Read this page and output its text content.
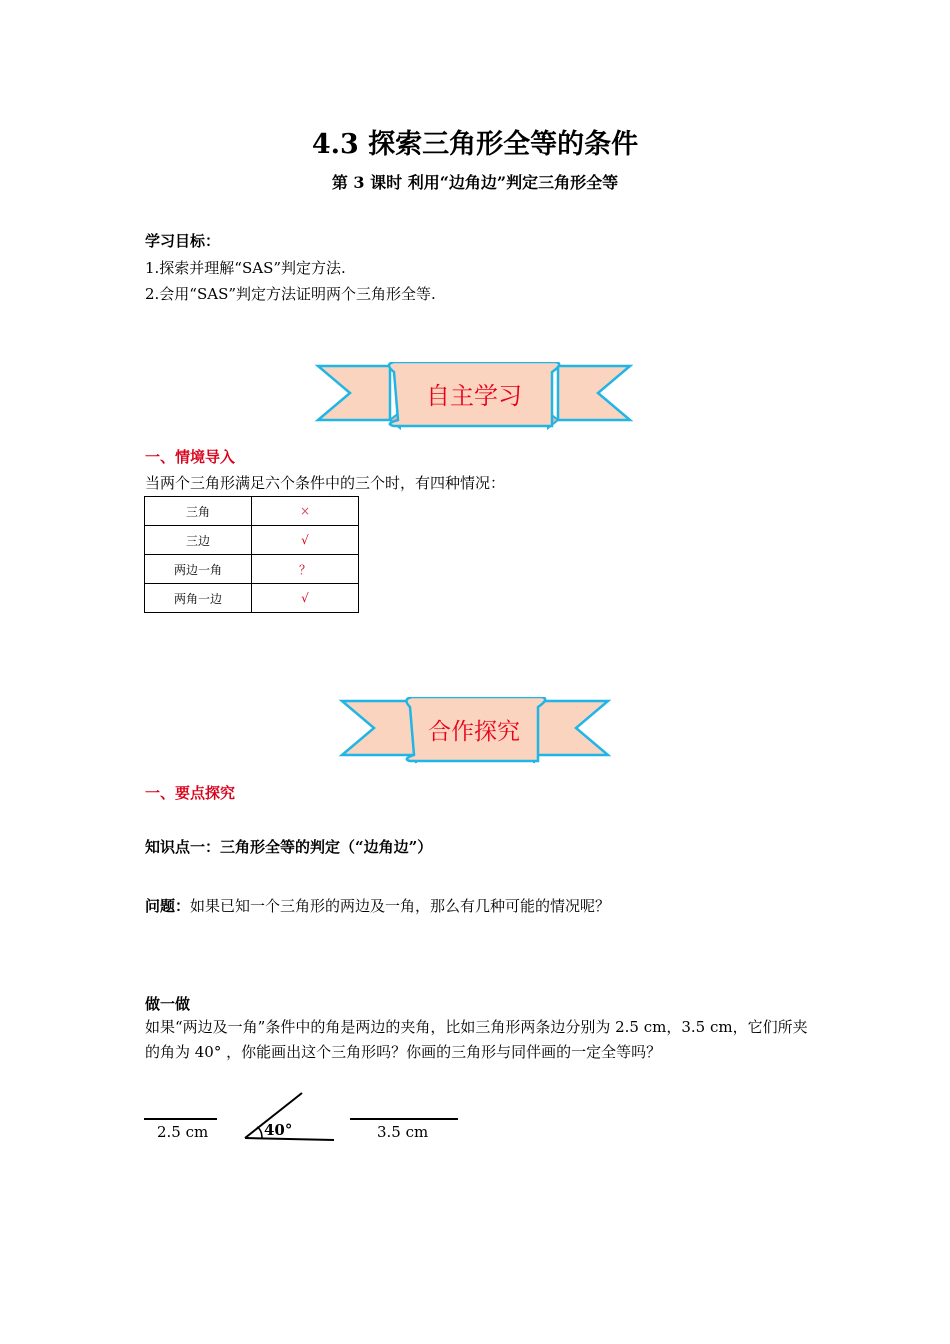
4.3 探索三角形全等的条件
第 3 课时 利用“边角边”判定三角形全等
学习目标：
1.探索并理解“SAS”判定方法.
2.会用“SAS”判定方法证明两个三角形全等.
自主学习
一、情境导入
当两个三角形满足六个条件中的三个时，有四种情况：
三角	×
三边	√
两边一角	？
两角一边	√
合作探究
一、要点探究
知识点一：三角形全等的判定（“边角边”）
问题：如果已知一个三角形的两边及一角，那么有几种可能的情况呢？
做一做
如果“两边及一角”条件中的角是两边的夹角，比如三角形两条边分别为 2.5 cm，3.5 cm，它们所夹的角为 40° ，你能画出这个三角形吗？你画的三角形与同伴画的一定全等吗？
2.5 cm	40°	3.5 cm
